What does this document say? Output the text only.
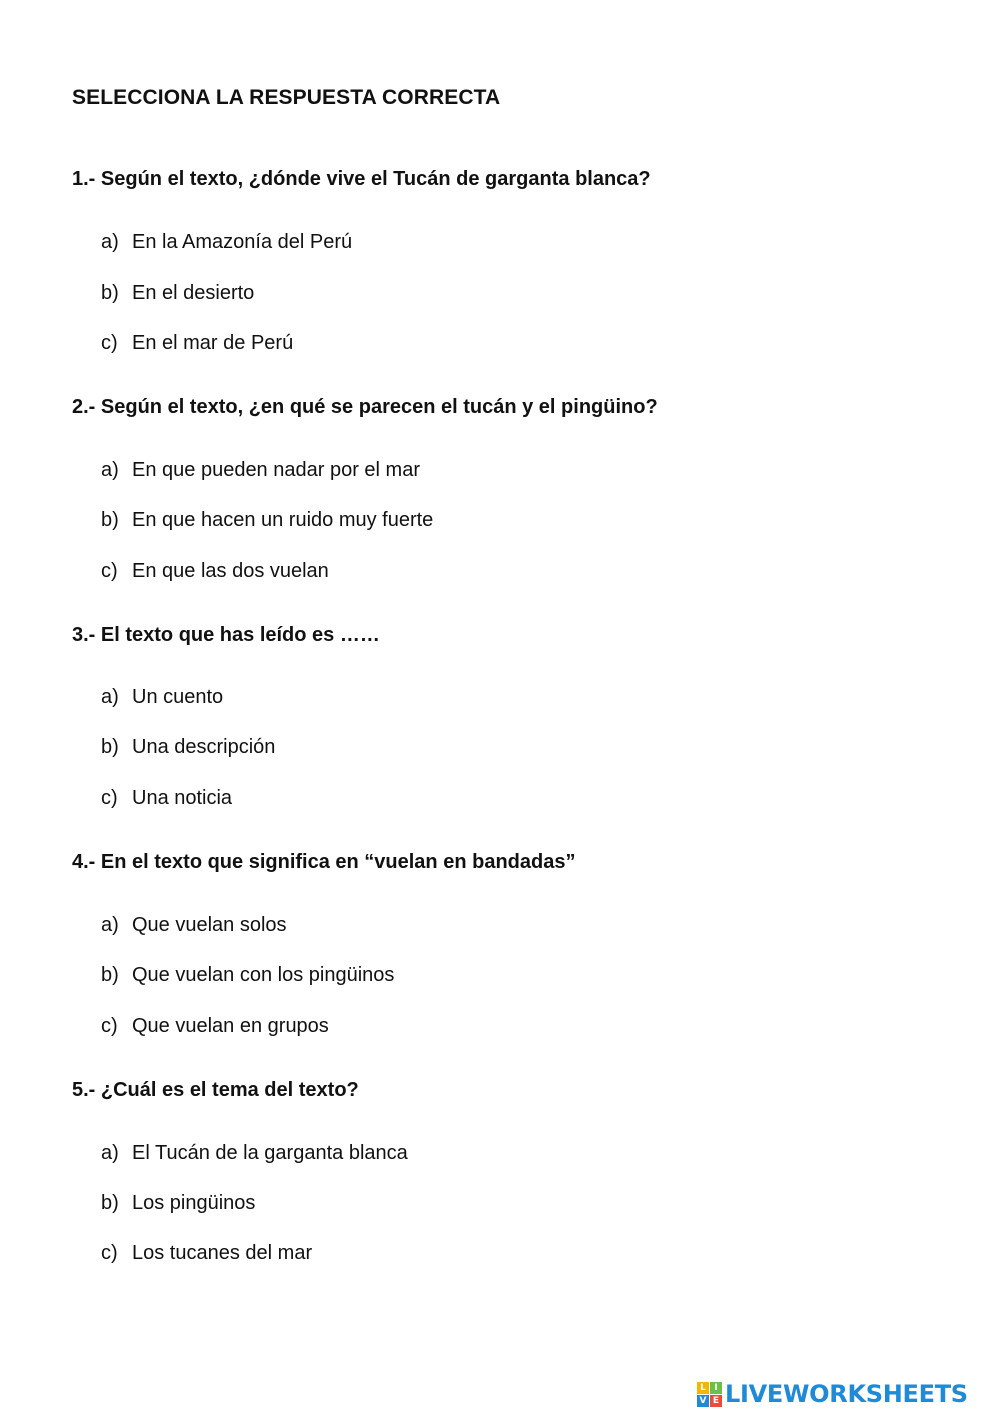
SELECCIONA LA RESPUESTA CORRECTA
1.- Según el texto, ¿dónde vive el Tucán de garganta blanca?
a) En la Amazonía del Perú
b) En el desierto
c) En el mar de Perú
2.- Según el texto, ¿en qué se parecen el tucán y el pingüino?
a) En que pueden nadar por el mar
b) En que hacen un ruido muy fuerte
c) En que las dos vuelan
3.- El texto que has leído es ……
a) Un cuento
b) Una descripción
c) Una noticia
4.- En el texto que significa en “vuelan en bandadas”
a) Que vuelan solos
b) Que vuelan con los pingüinos
c) Que vuelan en grupos
5.- ¿Cuál es el tema del texto?
a) El Tucán de la garganta blanca
b) Los pingüinos
c) Los tucanes del mar
L I
V E LIVEWORKSHEETS
